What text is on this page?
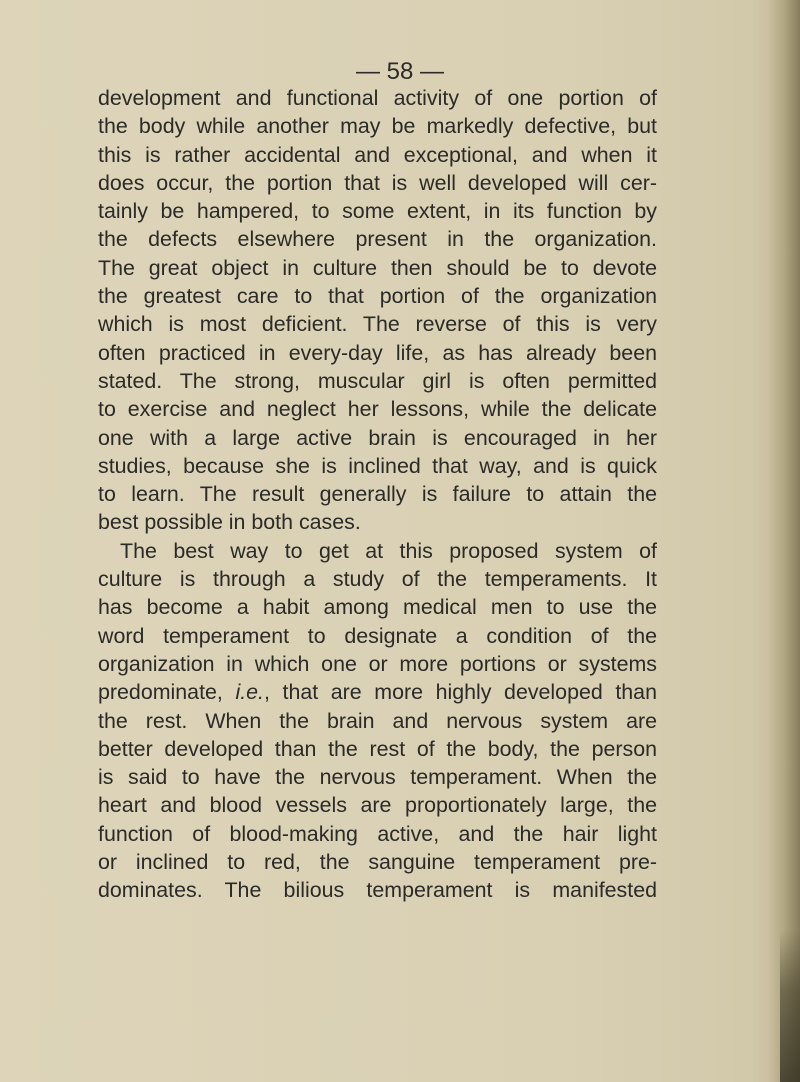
— 58 —
development and functional activity of one portion of
the body while another may be markedly defective, but
this is rather accidental and exceptional, and when it
does occur, the portion that is well developed will cer-
tainly be hampered, to some extent, in its function by
the defects elsewhere present in the organization.
The great object in culture then should be to devote
the greatest care to that portion of the organization
which is most deficient. The reverse of this is very
often practiced in every-day life, as has already been
stated. The strong, muscular girl is often permitted
to exercise and neglect her lessons, while the delicate
one with a large active brain is encouraged in her
studies, because she is inclined that way, and is quick
to learn. The result generally is failure to attain the
best possible in both cases.
The best way to get at this proposed system of
culture is through a study of the temperaments. It
has become a habit among medical men to use the
word temperament to designate a condition of the
organization in which one or more portions or systems
predominate, i.e., that are more highly developed than
the rest. When the brain and nervous system are
better developed than the rest of the body, the person
is said to have the nervous temperament. When the
heart and blood vessels are proportionately large, the
function of blood-making active, and the hair light
or inclined to red, the sanguine temperament pre-
dominates. The bilious temperament is manifested
